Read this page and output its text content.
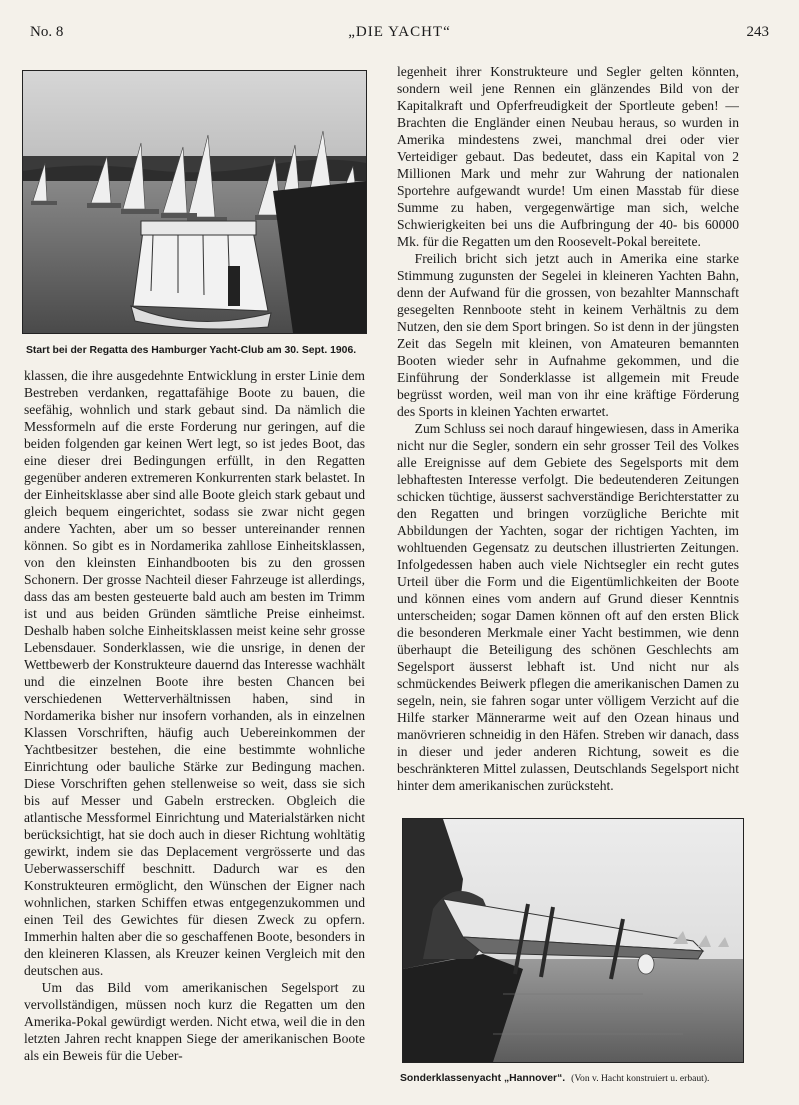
No. 8	„DIE YACHT“	243
Start bei der Regatta des Hamburger Yacht-Club am 30. Sept. 1906.

klassen, die ihre ausgedehnte Entwicklung in erster Linie dem Bestreben verdanken, regattafähige Boote zu bauen, die seefähig, wohnlich und stark gebaut sind. Da nämlich die Messformeln auf die erste Forderung nur geringen, auf die beiden folgenden gar keinen Wert legt, so ist jedes Boot, das eine dieser drei Bedingungen erfüllt, in den Regatten gegenüber anderen extremeren Konkurrenten stark belastet. In der Einheitsklasse aber sind alle Boote gleich stark gebaut und gleich bequem eingerichtet, sodass sie zwar nicht gegen andere Yachten, aber um so besser untereinander rennen können. So gibt es in Nordamerika zahllose Einheitsklassen, von den kleinsten Einhandbooten bis zu den grossen Schonern. Der grosse Nachteil dieser Fahrzeuge ist allerdings, dass das am besten gesteuerte bald auch am besten im Trimm ist und aus beiden Gründen sämtliche Preise einheimst. Deshalb haben solche Einheitsklassen meist keine sehr grosse Lebensdauer. Sonderklassen, wie die unsrige, in denen der Wettbewerb der Konstrukteure dauernd das Interesse wachhält und die einzelnen Boote ihre besten Chancen bei verschiedenen Wetterverhältnissen haben, sind in Nordamerika bisher nur insofern vorhanden, als in einzelnen Klassen Vorschriften, häufig auch Uebereinkommen der Yachtbesitzer bestehen, die eine bestimmte wohnliche Einrichtung oder bauliche Stärke zur Bedingung machen. Diese Vorschriften gehen stellenweise so weit, dass sie sich bis auf Messer und Gabeln erstrecken. Obgleich die atlantische Messformel Einrichtung und Materialstärken nicht berücksichtigt, hat sie doch auch in dieser Richtung wohltätig gewirkt, indem sie das Deplacement vergrösserte und das Ueberwasserschiff beschnitt. Dadurch war es den Konstrukteuren ermöglicht, den Wünschen der Eigner nach wohnlichen, starken Schiffen etwas entgegenzukommen und einen Teil des Gewichtes für diesen Zweck zu opfern. Immerhin halten aber die so geschaffenen Boote, besonders in den kleineren Klassen, als Kreuzer keinen Vergleich mit den deutschen aus.

Um das Bild vom amerikanischen Segelsport zu vervollständigen, müssen noch kurz die Regatten um den Amerika-Pokal gewürdigt werden. Nicht etwa, weil die in den letzten Jahren recht knappen Siege der amerikanischen Boote als ein Beweis für die Ueber-

legenheit ihrer Konstrukteure und Segler gelten könnten, sondern weil jene Rennen ein glänzendes Bild von der Kapitalkraft und Opferfreudigkeit der Sportleute geben! — Brachten die Engländer einen Neubau heraus, so wurden in Amerika mindestens zwei, manchmal drei oder vier Verteidiger gebaut. Das bedeutet, dass ein Kapital von 2 Millionen Mark und mehr zur Wahrung der nationalen Sportehre aufgewandt wurde! Um einen Masstab für diese Summe zu haben, vergegenwärtige man sich, welche Schwierigkeiten bei uns die Aufbringung der 40- bis 60000 Mk. für die Regatten um den Roosevelt-Pokal bereitete.

Freilich bricht sich jetzt auch in Amerika eine starke Stimmung zugunsten der Segelei in kleineren Yachten Bahn, denn der Aufwand für die grossen, von bezahlter Mannschaft gesegelten Rennboote steht in keinem Verhältnis zu dem Nutzen, den sie dem Sport bringen. So ist denn in der jüngsten Zeit das Segeln mit kleinen, von Amateuren bemannten Booten wieder sehr in Aufnahme gekommen, und die Einführung der Sonderklasse ist allgemein mit Freude begrüsst worden, weil man von ihr eine kräftige Förderung des Sports in kleinen Yachten erwartet.

Zum Schluss sei noch darauf hingewiesen, dass in Amerika nicht nur die Segler, sondern ein sehr grosser Teil des Volkes alle Ereignisse auf dem Gebiete des Segelsports mit dem lebhaftesten Interesse verfolgt. Die bedeutenderen Zeitungen schicken tüchtige, äusserst sachverständige Berichterstatter zu den Regatten und bringen vorzügliche Berichte mit Abbildungen der Yachten, sogar der richtigen Yachten, im wohltuenden Gegensatz zu deutschen illustrierten Zeitungen. Infolgedessen haben auch viele Nichtsegler ein recht gutes Urteil über die Form und die Eigentümlichkeiten der Boote und können eines vom andern auf Grund dieser Kenntnis unterscheiden; sogar Damen können oft auf den ersten Blick die besonderen Merkmale einer Yacht bestimmen, wie denn überhaupt die Beteiligung des schönen Geschlechts am Segelsport äusserst lebhaft ist. Und nicht nur als schmückendes Beiwerk pflegen die amerikanischen Damen zu segeln, nein, sie fahren sogar unter völligem Verzicht auf die Hilfe starker Männerarme weit auf den Ozean hinaus und manövrieren schneidig in den Häfen. Streben wir danach, dass in dieser und jeder anderen Richtung, soweit es die beschränkteren Mittel zulassen, Deutschlands Segelsport nicht hinter dem amerikanischen zurücksteht.

Sonderklassenyacht „Hannover“. (Von v. Hacht konstruiert u. erbaut).
